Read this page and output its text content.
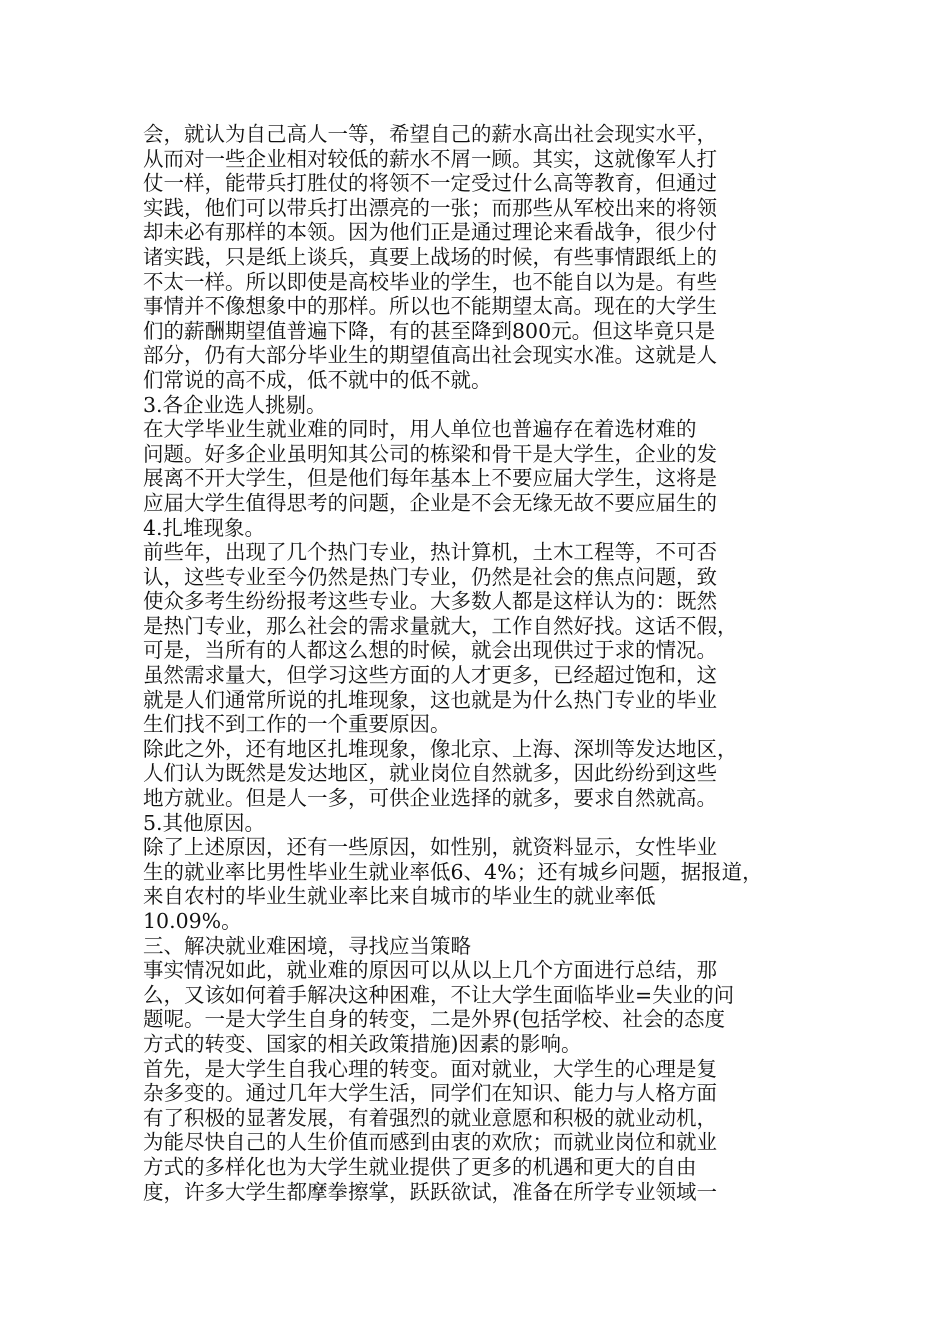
会，就认为自己高人一等，希望自己的薪水高出社会现实水平，
从而对一些企业相对较低的薪水不屑一顾。其实，这就像军人打
仗一样，能带兵打胜仗的将领不一定受过什么高等教育，但通过
实践，他们可以带兵打出漂亮的一张；而那些从军校出来的将领
却未必有那样的本领。因为他们正是通过理论来看战争，很少付
诸实践，只是纸上谈兵，真要上战场的时候，有些事情跟纸上的
不太一样。所以即使是高校毕业的学生，也不能自以为是。有些
事情并不像想象中的那样。所以也不能期望太高。现在的大学生
们的薪酬期望值普遍下降，有的甚至降到800元。但这毕竟只是
部分，仍有大部分毕业生的期望值高出社会现实水准。这就是人
们常说的高不成，低不就中的低不就。
3.各企业选人挑剔。
在大学毕业生就业难的同时，用人单位也普遍存在着选材难的
问题。好多企业虽明知其公司的栋梁和骨干是大学生，企业的发
展离不开大学生，但是他们每年基本上不要应届大学生，这将是
应届大学生值得思考的问题，企业是不会无缘无故不要应届生的
4.扎堆现象。
前些年，出现了几个热门专业，热计算机，土木工程等，不可否
认，这些专业至今仍然是热门专业，仍然是社会的焦点问题，致
使众多考生纷纷报考这些专业。大多数人都是这样认为的：既然
是热门专业，那么社会的需求量就大，工作自然好找。这话不假，
可是，当所有的人都这么想的时候，就会出现供过于求的情况。
虽然需求量大，但学习这些方面的人才更多，已经超过饱和，这
就是人们通常所说的扎堆现象，这也就是为什么热门专业的毕业
生们找不到工作的一个重要原因。
除此之外，还有地区扎堆现象，像北京、上海、深圳等发达地区，
人们认为既然是发达地区，就业岗位自然就多，因此纷纷到这些
地方就业。但是人一多，可供企业选择的就多，要求自然就高。
5.其他原因。
除了上述原因，还有一些原因，如性别，就资料显示，女性毕业
生的就业率比男性毕业生就业率低6、4%；还有城乡问题，据报道，
来自农村的毕业生就业率比来自城市的毕业生的就业率低
10.09%。
三、解决就业难困境，寻找应当策略
事实情况如此，就业难的原因可以从以上几个方面进行总结，那
么，又该如何着手解决这种困难，不让大学生面临毕业=失业的问
题呢。一是大学生自身的转变，二是外界(包括学校、社会的态度
方式的转变、国家的相关政策措施)因素的影响。
首先，是大学生自我心理的转变。面对就业，大学生的心理是复
杂多变的。通过几年大学生活，同学们在知识、能力与人格方面
有了积极的显著发展，有着强烈的就业意愿和积极的就业动机，
为能尽快自己的人生价值而感到由衷的欢欣；而就业岗位和就业
方式的多样化也为大学生就业提供了更多的机遇和更大的自由
度，许多大学生都摩拳擦掌，跃跃欲试，准备在所学专业领域一
